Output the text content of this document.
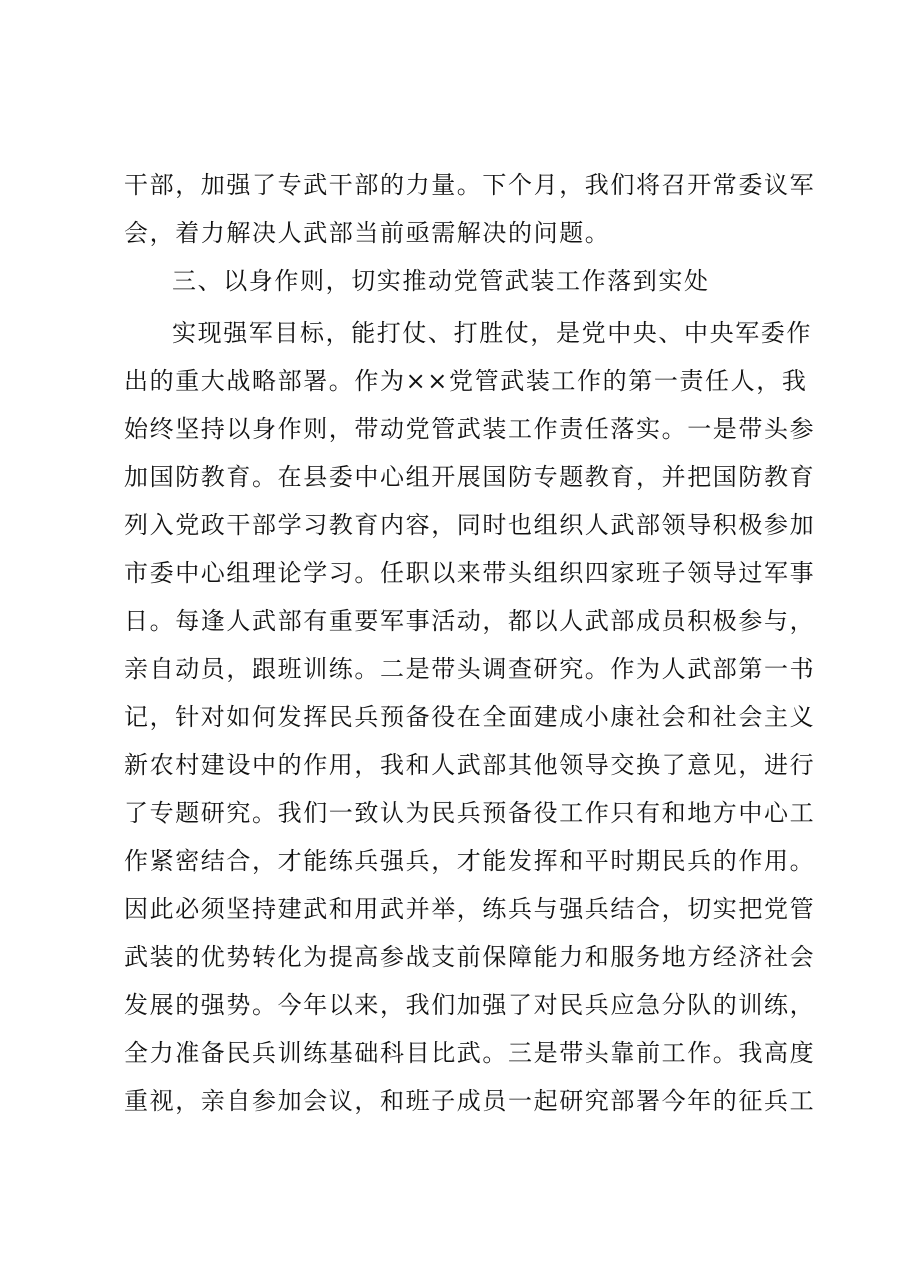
干部，加强了专武干部的力量。下个月，我们将召开常委议军
会，着力解决人武部当前亟需解决的问题。
三、以身作则，切实推动党管武装工作落到实处
实现强军目标，能打仗、打胜仗，是党中央、中央军委作
出的重大战略部署。作为××党管武装工作的第一责任人，我
始终坚持以身作则，带动党管武装工作责任落实。一是带头参
加国防教育。在县委中心组开展国防专题教育，并把国防教育
列入党政干部学习教育内容，同时也组织人武部领导积极参加
市委中心组理论学习。任职以来带头组织四家班子领导过军事
日。每逢人武部有重要军事活动，都以人武部成员积极参与，
亲自动员，跟班训练。二是带头调查研究。作为人武部第一书
记，针对如何发挥民兵预备役在全面建成小康社会和社会主义
新农村建设中的作用，我和人武部其他领导交换了意见，进行
了专题研究。我们一致认为民兵预备役工作只有和地方中心工
作紧密结合，才能练兵强兵，才能发挥和平时期民兵的作用。
因此必须坚持建武和用武并举，练兵与强兵结合，切实把党管
武装的优势转化为提高参战支前保障能力和服务地方经济社会
发展的强势。今年以来，我们加强了对民兵应急分队的训练，
全力准备民兵训练基础科目比武。三是带头靠前工作。我高度
重视，亲自参加会议，和班子成员一起研究部署今年的征兵工
